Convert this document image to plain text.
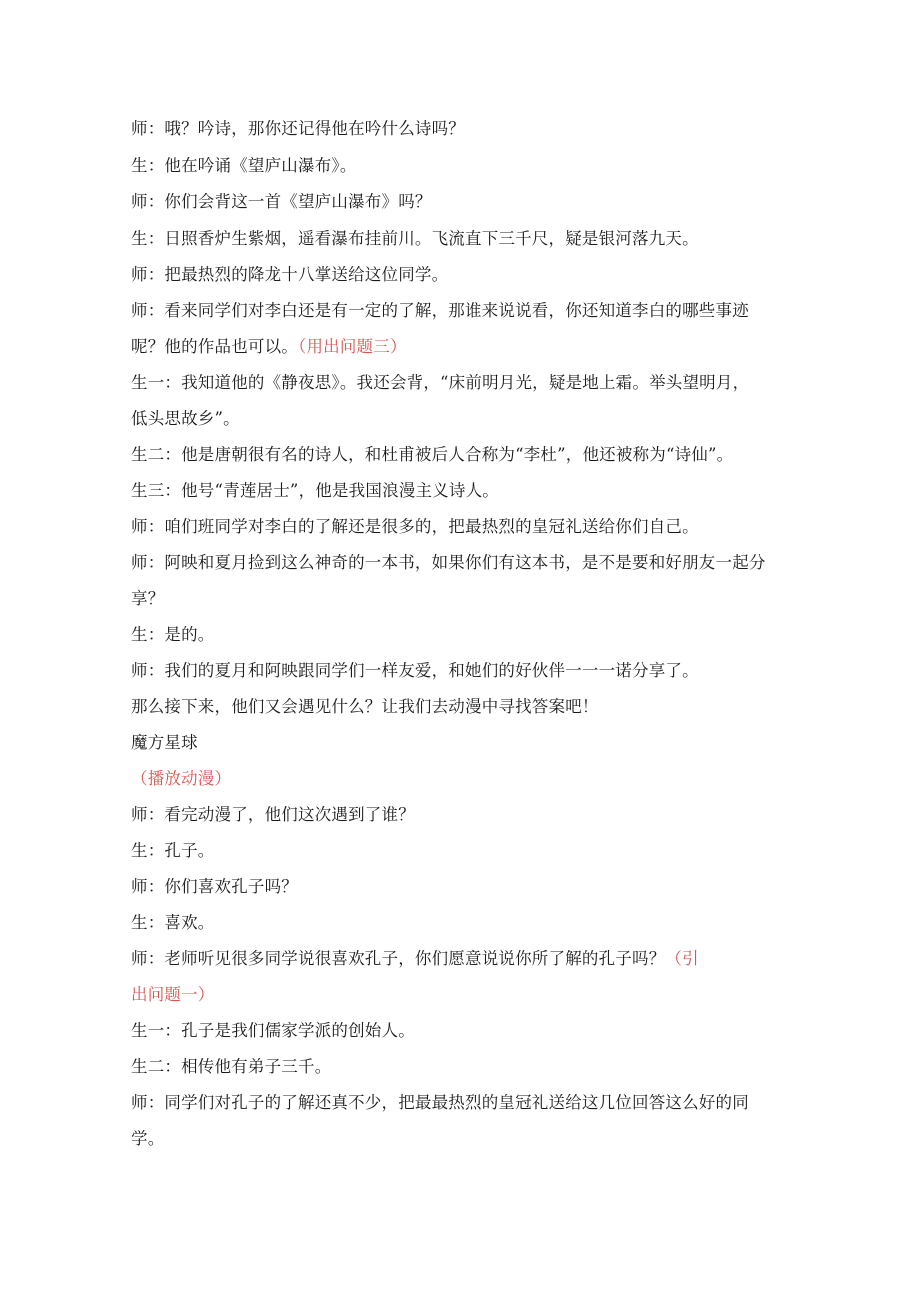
师：哦？吟诗，那你还记得他在吟什么诗吗？
生：他在吟诵《望庐山瀑布》。
师：你们会背这一首《望庐山瀑布》吗？
生：日照香炉生紫烟，遥看瀑布挂前川。飞流直下三千尺，疑是银河落九天。
师：把最热烈的降龙十八掌送给这位同学。
师：看来同学们对李白还是有一定的了解，那谁来说说看，你还知道李白的哪些事迹
呢？他的作品也可以。（用出问题三）
生一：我知道他的《静夜思》。我还会背，“床前明月光，疑是地上霜。举头望明月，
低头思故乡”。
生二：他是唐朝很有名的诗人，和杜甫被后人合称为“李杜”，他还被称为“诗仙”。
生三：他号“青莲居士”，他是我国浪漫主义诗人。
师：咱们班同学对李白的了解还是很多的，把最热烈的皇冠礼送给你们自己。
师：阿映和夏月捡到这么神奇的一本书，如果你们有这本书，是不是要和好朋友一起分
享？
生：是的。
师：我们的夏月和阿映跟同学们一样友爱，和她们的好伙伴一一一诺分享了。
那么接下来，他们又会遇见什么？让我们去动漫中寻找答案吧！
魔方星球
（播放动漫）
师：看完动漫了，他们这次遇到了谁？
生：孔子。
师：你们喜欢孔子吗？
生：喜欢。
师：老师听见很多同学说很喜欢孔子，你们愿意说说你所了解的孔子吗？（引
出问题一）
生一：孔子是我们儒家学派的创始人。
生二：相传他有弟子三千。
师：同学们对孔子的了解还真不少，把最最热烈的皇冠礼送给这几位回答这么好的同
学。
